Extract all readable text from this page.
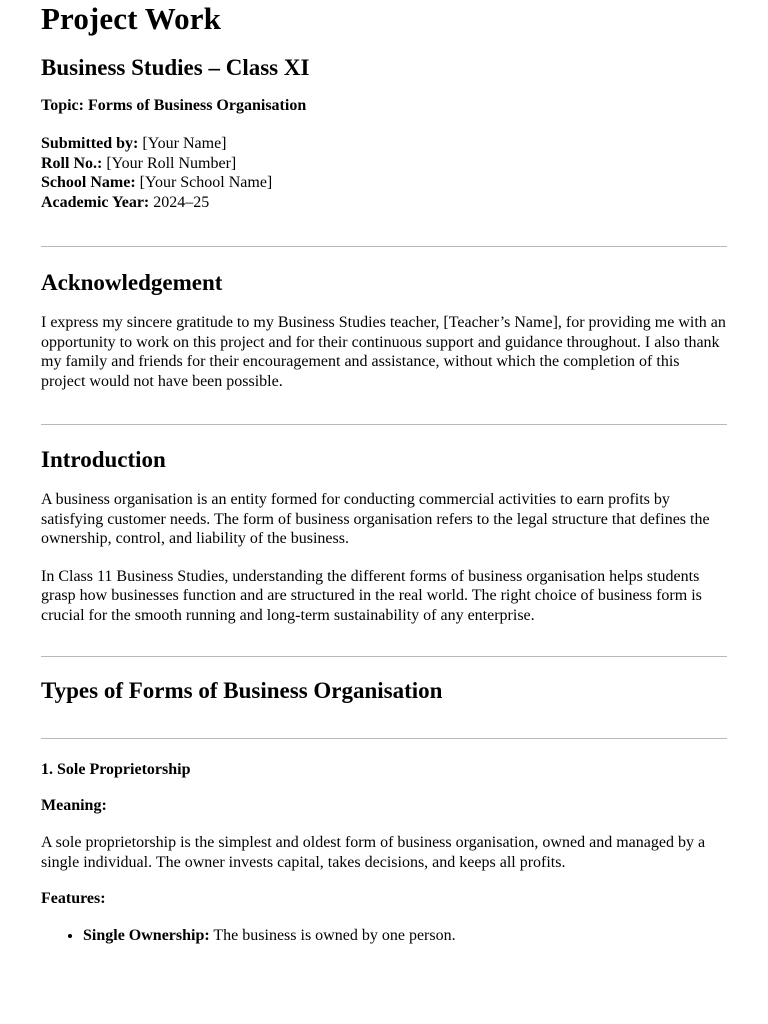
Project Work
Business Studies – Class XI

Topic: Forms of Business Organisation

Submitted by: [Your Name]
Roll No.: [Your Roll Number]
School Name: [Your School Name]
Academic Year: 2024–25
Acknowledgement

I express my sincere gratitude to my Business Studies teacher, [Teacher’s Name], for providing me with an opportunity to work on this project and for their continuous support and guidance throughout. I also thank my family and friends for their encouragement and assistance, without which the completion of this project would not have been possible.

Introduction

A business organisation is an entity formed for conducting commercial activities to earn profits by satisfying customer needs. The form of business organisation refers to the legal structure that defines the ownership, control, and liability of the business.

In Class 11 Business Studies, understanding the different forms of business organisation helps students grasp how businesses function and are structured in the real world. The right choice of business form is crucial for the smooth running and long-term sustainability of any enterprise.

Types of Forms of Business Organisation

1. Sole Proprietorship

Meaning:

A sole proprietorship is the simplest and oldest form of business organisation, owned and managed by a single individual. The owner invests capital, takes decisions, and keeps all profits.

Features:

• Single Ownership: The business is owned by one person.
